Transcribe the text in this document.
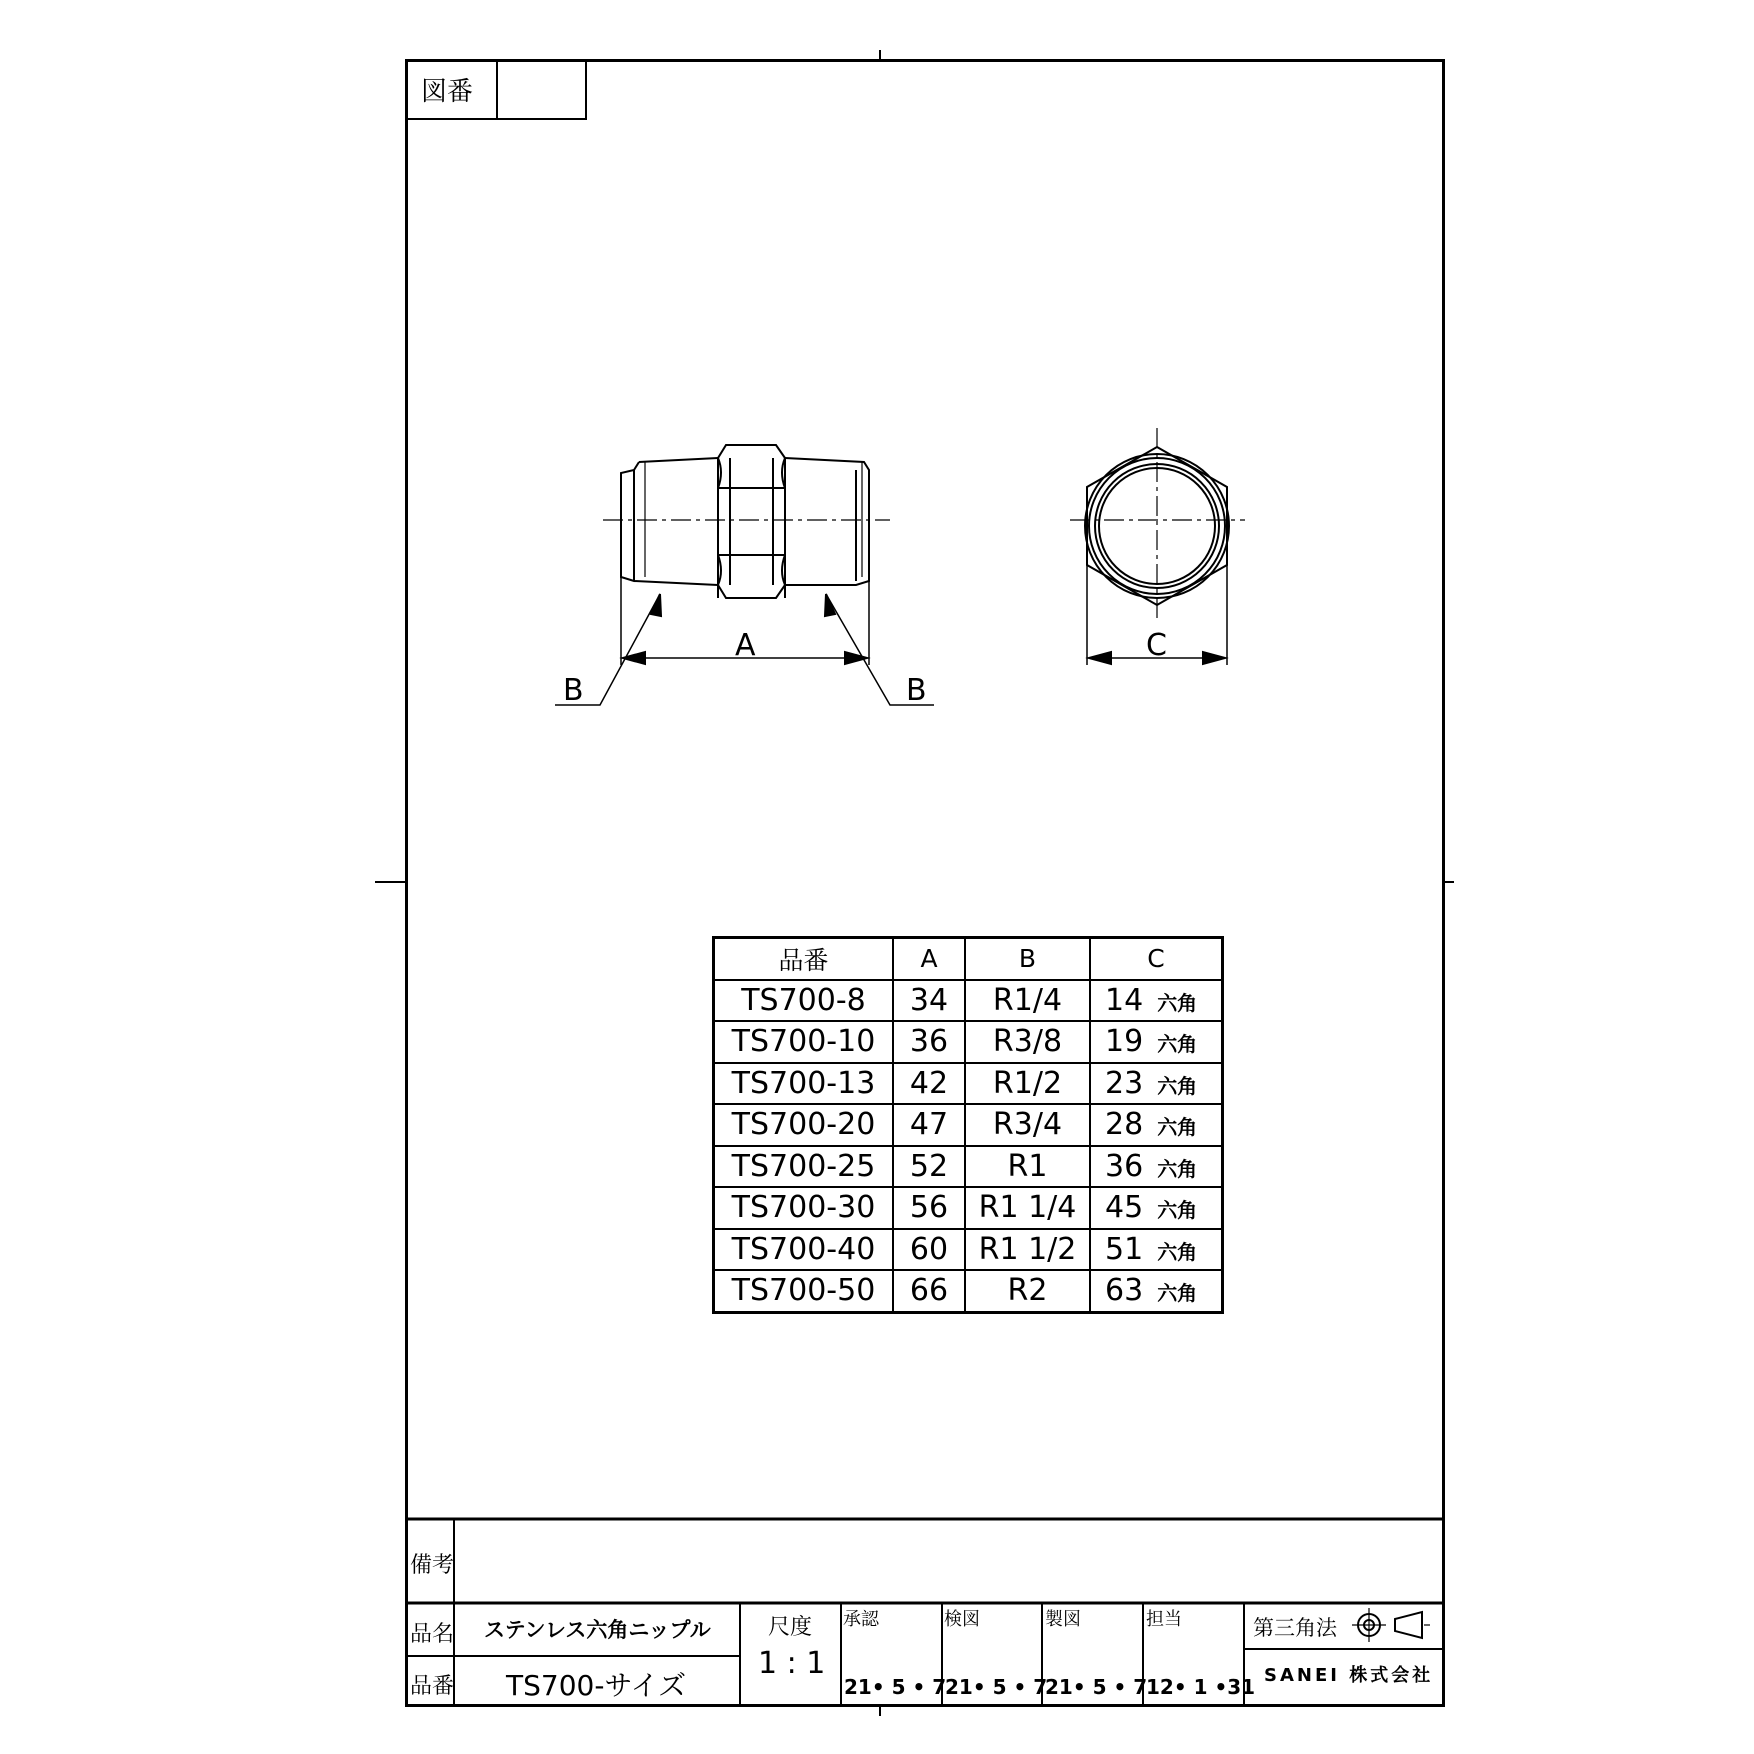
図番
A
B	B
C
品番	A	B	C
TS700-8	34	R1/4	14 六角
TS700-10	36	R3/8	19 六角
TS700-13	42	R1/2	23 六角
TS700-20	47	R3/4	28 六角
TS700-25	52	R1	36 六角
TS700-30	56	R1 1/4	45 六角
TS700-40	60	R1 1/2	51 六角
TS700-50	66	R2	63 六角
備考
品名 ステンレス六角ニップル
品番 TS700-サイズ
尺度
1 : 1
承認
21• 5 • 7
検図
21• 5 • 7
製図
21• 5 • 7
担当
12• 1 •31
第三角法
SANEI 株式会社
